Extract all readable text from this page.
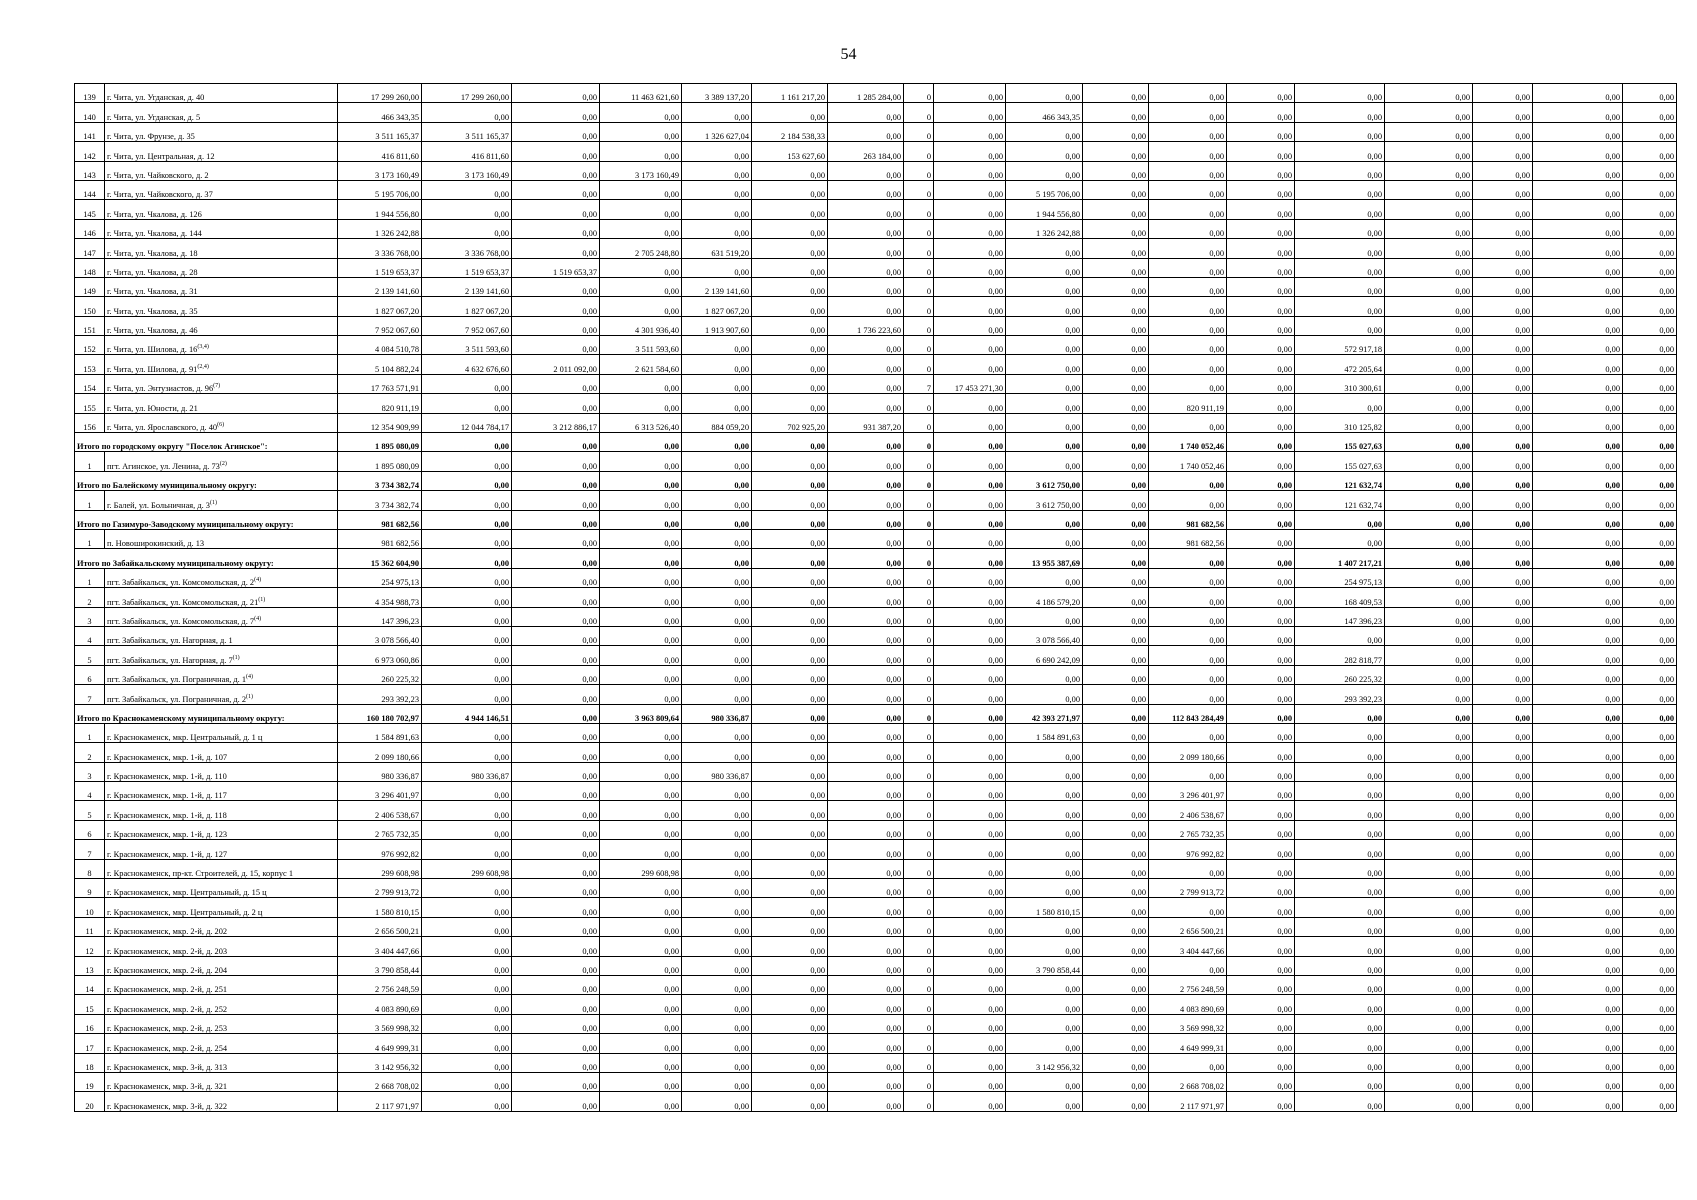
54
139	г. Чита, ул. Угданская, д. 40	17 299 260,00	17 299 260,00	0,00	11 463 621,60	3 389 137,20	1 161 217,20	1 285 284,00	0	0,00	0,00	0,00	0,00	0,00	0,00	0,00	0,00	0,00	0,00
140	г. Чита, ул. Угданская, д. 5	466 343,35	0,00	0,00	0,00	0,00	0,00	0,00	0	0,00	466 343,35	0,00	0,00	0,00	0,00	0,00	0,00	0,00	0,00
141	г. Чита, ул. Фрунзе, д. 35	3 511 165,37	3 511 165,37	0,00	0,00	1 326 627,04	2 184 538,33	0,00	0	0,00	0,00	0,00	0,00	0,00	0,00	0,00	0,00	0,00	0,00
142	г. Чита, ул. Центральная, д. 12	416 811,60	416 811,60	0,00	0,00	0,00	153 627,60	263 184,00	0	0,00	0,00	0,00	0,00	0,00	0,00	0,00	0,00	0,00	0,00
143	г. Чита, ул. Чайковского, д. 2	3 173 160,49	3 173 160,49	0,00	3 173 160,49	0,00	0,00	0,00	0	0,00	0,00	0,00	0,00	0,00	0,00	0,00	0,00	0,00	0,00
144	г. Чита, ул. Чайковского, д. 37	5 195 706,00	0,00	0,00	0,00	0,00	0,00	0,00	0	0,00	5 195 706,00	0,00	0,00	0,00	0,00	0,00	0,00	0,00	0,00
145	г. Чита, ул. Чкалова, д. 126	1 944 556,80	0,00	0,00	0,00	0,00	0,00	0,00	0	0,00	1 944 556,80	0,00	0,00	0,00	0,00	0,00	0,00	0,00	0,00
146	г. Чита, ул. Чкалова, д. 144	1 326 242,88	0,00	0,00	0,00	0,00	0,00	0,00	0	0,00	1 326 242,88	0,00	0,00	0,00	0,00	0,00	0,00	0,00	0,00
147	г. Чита, ул. Чкалова, д. 18	3 336 768,00	3 336 768,00	0,00	2 705 248,80	631 519,20	0,00	0,00	0	0,00	0,00	0,00	0,00	0,00	0,00	0,00	0,00	0,00	0,00
148	г. Чита, ул. Чкалова, д. 28	1 519 653,37	1 519 653,37	1 519 653,37	0,00	0,00	0,00	0,00	0	0,00	0,00	0,00	0,00	0,00	0,00	0,00	0,00	0,00	0,00
149	г. Чита, ул. Чкалова, д. 31	2 139 141,60	2 139 141,60	0,00	0,00	2 139 141,60	0,00	0,00	0	0,00	0,00	0,00	0,00	0,00	0,00	0,00	0,00	0,00	0,00
150	г. Чита, ул. Чкалова, д. 35	1 827 067,20	1 827 067,20	0,00	0,00	1 827 067,20	0,00	0,00	0	0,00	0,00	0,00	0,00	0,00	0,00	0,00	0,00	0,00	0,00
151	г. Чита, ул. Чкалова, д. 46	7 952 067,60	7 952 067,60	0,00	4 301 936,40	1 913 907,60	0,00	1 736 223,60	0	0,00	0,00	0,00	0,00	0,00	0,00	0,00	0,00	0,00	0,00
152	г. Чита, ул. Шилова, д. 16$^{(3,4)}$	4 084 510,78	3 511 593,60	0,00	3 511 593,60	0,00	0,00	0,00	0	0,00	0,00	0,00	0,00	0,00	572 917,18	0,00	0,00	0,00	0,00
153	г. Чита, ул. Шилова, д. 91$^{(2,4)}$	5 104 882,24	4 632 676,60	2 011 092,00	2 621 584,60	0,00	0,00	0,00	0	0,00	0,00	0,00	0,00	0,00	472 205,64	0,00	0,00	0,00	0,00
154	г. Чита, ул. Энтузиастов, д. 96$^{(7)}$	17 763 571,91	0,00	0,00	0,00	0,00	0,00	0,00	7	17 453 271,30	0,00	0,00	0,00	0,00	310 300,61	0,00	0,00	0,00	0,00
155	г. Чита, ул. Юности, д. 21	820 911,19	0,00	0,00	0,00	0,00	0,00	0,00	0	0,00	0,00	0,00	820 911,19	0,00	0,00	0,00	0,00	0,00	0,00
156	г. Чита, ул. Ярославского, д. 40$^{(6)}$	12 354 909,99	12 044 784,17	3 212 886,17	6 313 526,40	884 059,20	702 925,20	931 387,20	0	0,00	0,00	0,00	0,00	0,00	310 125,82	0,00	0,00	0,00	0,00
Итого по городскому округу "Поселок Агинское":		1 895 080,09	0,00	0,00	0,00	0,00	0,00	0,00	0	0,00	0,00	0,00	1 740 052,46	0,00	155 027,63	0,00	0,00	0,00	0,00
1	пгт. Агинское, ул. Ленина, д. 73$^{(2)}$	1 895 080,09	0,00	0,00	0,00	0,00	0,00	0,00	0	0,00	0,00	0,00	1 740 052,46	0,00	155 027,63	0,00	0,00	0,00	0,00
Итого по Балейскому муниципальному округу:		3 734 382,74	0,00	0,00	0,00	0,00	0,00	0,00	0	0,00	3 612 750,00	0,00	0,00	0,00	121 632,74	0,00	0,00	0,00	0,00
1	г. Балей, ул. Больничная, д. 3$^{(1)}$	3 734 382,74	0,00	0,00	0,00	0,00	0,00	0,00	0	0,00	3 612 750,00	0,00	0,00	0,00	121 632,74	0,00	0,00	0,00	0,00
Итого по Газимуро-Заводскому муниципальному округу:		981 682,56	0,00	0,00	0,00	0,00	0,00	0,00	0	0,00	0,00	0,00	981 682,56	0,00	0,00	0,00	0,00	0,00	0,00
1	п. Новоширокинский, д. 13	981 682,56	0,00	0,00	0,00	0,00	0,00	0,00	0	0,00	0,00	0,00	981 682,56	0,00	0,00	0,00	0,00	0,00	0,00
Итого по Забайкальскому муниципальному округу:		15 362 604,90	0,00	0,00	0,00	0,00	0,00	0,00	0	0,00	13 955 387,69	0,00	0,00	0,00	1 407 217,21	0,00	0,00	0,00	0,00
1	пгт. Забайкальск, ул. Комсомольская, д. 2$^{(4)}$	254 975,13	0,00	0,00	0,00	0,00	0,00	0,00	0	0,00	0,00	0,00	0,00	0,00	254 975,13	0,00	0,00	0,00	0,00
2	пгт. Забайкальск, ул. Комсомольская, д. 21$^{(1)}$	4 354 988,73	0,00	0,00	0,00	0,00	0,00	0,00	0	0,00	4 186 579,20	0,00	0,00	0,00	168 409,53	0,00	0,00	0,00	0,00
3	пгт. Забайкальск, ул. Комсомольская, д. 7$^{(4)}$	147 396,23	0,00	0,00	0,00	0,00	0,00	0,00	0	0,00	0,00	0,00	0,00	0,00	147 396,23	0,00	0,00	0,00	0,00
4	пгт. Забайкальск, ул. Нагорная, д. 1	3 078 566,40	0,00	0,00	0,00	0,00	0,00	0,00	0	0,00	3 078 566,40	0,00	0,00	0,00	0,00	0,00	0,00	0,00	0,00
5	пгт. Забайкальск, ул. Нагорная, д. 7$^{(1)}$	6 973 060,86	0,00	0,00	0,00	0,00	0,00	0,00	0	0,00	6 690 242,09	0,00	0,00	0,00	282 818,77	0,00	0,00	0,00	0,00
6	пгт. Забайкальск, ул. Пограничная, д. 1$^{(4)}$	260 225,32	0,00	0,00	0,00	0,00	0,00	0,00	0	0,00	0,00	0,00	0,00	0,00	260 225,32	0,00	0,00	0,00	0,00
7	пгт. Забайкальск, ул. Пограничная, д. 2$^{(1)}$	293 392,23	0,00	0,00	0,00	0,00	0,00	0,00	0	0,00	0,00	0,00	0,00	0,00	293 392,23	0,00	0,00	0,00	0,00
Итого по Краснокаменскому муниципальному округу:		160 180 702,97	4 944 146,51	0,00	3 963 809,64	980 336,87	0,00	0,00	0	0,00	42 393 271,97	0,00	112 843 284,49	0,00	0,00	0,00	0,00	0,00	0,00
1	г. Краснокаменск, мкр. Центральный, д. 1 ц	1 584 891,63	0,00	0,00	0,00	0,00	0,00	0,00	0	0,00	1 584 891,63	0,00	0,00	0,00	0,00	0,00	0,00	0,00	0,00
2	г. Краснокаменск, мкр. 1-й, д. 107	2 099 180,66	0,00	0,00	0,00	0,00	0,00	0,00	0	0,00	0,00	0,00	2 099 180,66	0,00	0,00	0,00	0,00	0,00	0,00
3	г. Краснокаменск, мкр. 1-й, д. 110	980 336,87	980 336,87	0,00	0,00	980 336,87	0,00	0,00	0	0,00	0,00	0,00	0,00	0,00	0,00	0,00	0,00	0,00	0,00
4	г. Краснокаменск, мкр. 1-й, д. 117	3 296 401,97	0,00	0,00	0,00	0,00	0,00	0,00	0	0,00	0,00	0,00	3 296 401,97	0,00	0,00	0,00	0,00	0,00	0,00
5	г. Краснокаменск, мкр. 1-й, д. 118	2 406 538,67	0,00	0,00	0,00	0,00	0,00	0,00	0	0,00	0,00	0,00	2 406 538,67	0,00	0,00	0,00	0,00	0,00	0,00
6	г. Краснокаменск, мкр. 1-й, д. 123	2 765 732,35	0,00	0,00	0,00	0,00	0,00	0,00	0	0,00	0,00	0,00	2 765 732,35	0,00	0,00	0,00	0,00	0,00	0,00
7	г. Краснокаменск, мкр. 1-й, д. 127	976 992,82	0,00	0,00	0,00	0,00	0,00	0,00	0	0,00	0,00	0,00	976 992,82	0,00	0,00	0,00	0,00	0,00	0,00
8	г. Краснокаменск, пр-кт. Строителей, д. 15, корпус 1	299 608,98	299 608,98	0,00	299 608,98	0,00	0,00	0,00	0	0,00	0,00	0,00	0,00	0,00	0,00	0,00	0,00	0,00	0,00
9	г. Краснокаменск, мкр. Центральный, д. 15 ц	2 799 913,72	0,00	0,00	0,00	0,00	0,00	0,00	0	0,00	0,00	0,00	2 799 913,72	0,00	0,00	0,00	0,00	0,00	0,00
10	г. Краснокаменск, мкр. Центральный, д. 2 ц	1 580 810,15	0,00	0,00	0,00	0,00	0,00	0,00	0	0,00	1 580 810,15	0,00	0,00	0,00	0,00	0,00	0,00	0,00	0,00
11	г. Краснокаменск, мкр. 2-й, д. 202	2 656 500,21	0,00	0,00	0,00	0,00	0,00	0,00	0	0,00	0,00	0,00	2 656 500,21	0,00	0,00	0,00	0,00	0,00	0,00
12	г. Краснокаменск, мкр. 2-й, д. 203	3 404 447,66	0,00	0,00	0,00	0,00	0,00	0,00	0	0,00	0,00	0,00	3 404 447,66	0,00	0,00	0,00	0,00	0,00	0,00
13	г. Краснокаменск, мкр. 2-й, д. 204	3 790 858,44	0,00	0,00	0,00	0,00	0,00	0,00	0	0,00	3 790 858,44	0,00	0,00	0,00	0,00	0,00	0,00	0,00	0,00
14	г. Краснокаменск, мкр. 2-й, д. 251	2 756 248,59	0,00	0,00	0,00	0,00	0,00	0,00	0	0,00	0,00	0,00	2 756 248,59	0,00	0,00	0,00	0,00	0,00	0,00
15	г. Краснокаменск, мкр. 2-й, д. 252	4 083 890,69	0,00	0,00	0,00	0,00	0,00	0,00	0	0,00	0,00	0,00	4 083 890,69	0,00	0,00	0,00	0,00	0,00	0,00
16	г. Краснокаменск, мкр. 2-й, д. 253	3 569 998,32	0,00	0,00	0,00	0,00	0,00	0,00	0	0,00	0,00	0,00	3 569 998,32	0,00	0,00	0,00	0,00	0,00	0,00
17	г. Краснокаменск, мкр. 2-й, д. 254	4 649 999,31	0,00	0,00	0,00	0,00	0,00	0,00	0	0,00	0,00	0,00	4 649 999,31	0,00	0,00	0,00	0,00	0,00	0,00
18	г. Краснокаменск, мкр. 3-й, д. 313	3 142 956,32	0,00	0,00	0,00	0,00	0,00	0,00	0	0,00	3 142 956,32	0,00	0,00	0,00	0,00	0,00	0,00	0,00	0,00
19	г. Краснокаменск, мкр. 3-й, д. 321	2 668 708,02	0,00	0,00	0,00	0,00	0,00	0,00	0	0,00	0,00	0,00	2 668 708,02	0,00	0,00	0,00	0,00	0,00	0,00
20	г. Краснокаменск, мкр. 3-й, д. 322	2 117 971,97	0,00	0,00	0,00	0,00	0,00	0,00	0	0,00	0,00	0,00	2 117 971,97	0,00	0,00	0,00	0,00	0,00	0,00
